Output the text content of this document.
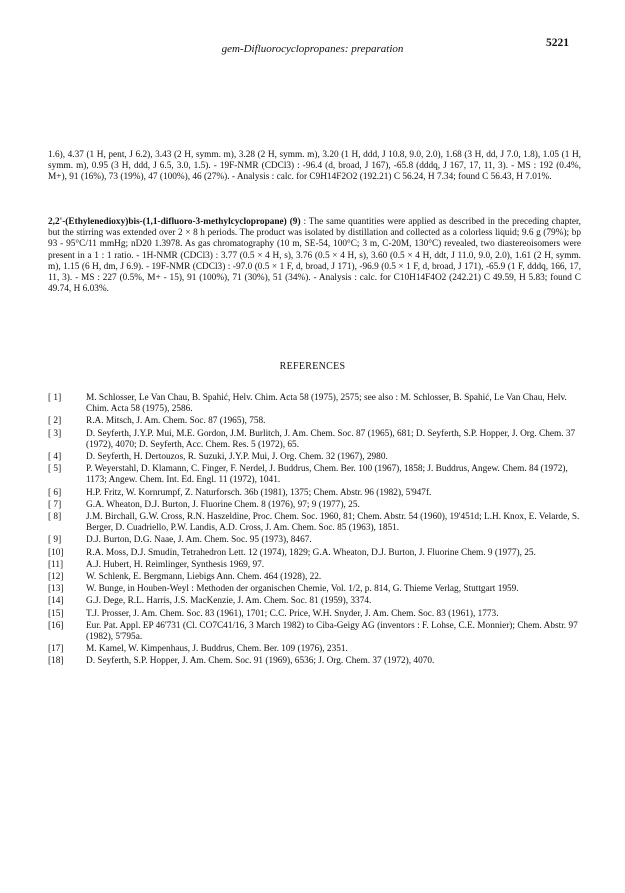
gem-Difluorocyclopropanes: preparation	5221
1.6), 4.37 (1 H, pent, J 6.2), 3.43 (2 H, symm. m), 3.28 (2 H, symm. m), 3.20 (1 H, ddd, J 10.8, 9.0, 2.0), 1.68 (3 H, dd, J 7.0, 1.8), 1.05 (1 H, symm. m), 0.95 (3 H, ddd, J 6.5, 3.0, 1.5). - 19F-NMR (CDCl3) : -96.4 (d, broad, J 167), -65.8 (dddq, J 167, 17, 11, 3). - MS : 192 (0.4%, M+), 91 (16%), 73 (19%), 47 (100%), 46 (27%). - Analysis : calc. for C9H14F2O2 (192.21) C 56.24, H 7.34; found C 56.43, H 7.01%.
2,2'-(Ethylenedioxy)bis-(1,1-difluoro-3-methylcyclopropane) (9) : The same quantities were applied as described in the preceding chapter, but the stirring was extended over 2 × 8 h periods. The product was isolated by distillation and collected as a colorless liquid; 9.6 g (79%); bp 93 - 95°C/11 mmHg; nD20 1.3978. As gas chromatography (10 m, SE-54, 100°C; 3 m, C-20M, 130°C) revealed, two diastereoisomers were present in a 1 : 1 ratio. - 1H-NMR (CDCl3) : 3.77 (0.5 × 4 H, s), 3.76 (0.5 × 4 H, s), 3.60 (0.5 × 4 H, ddt, J 11.0, 9.0, 2.0), 1.61 (2 H, symm. m), 1.15 (6 H, dm, J 6.9). - 19F-NMR (CDCl3) : -97.0 (0.5 × 1 F, d, broad, J 171), -96.9 (0.5 × 1 F, d, broad, J 171), -65.9 (1 F, dddq, 166, 17, 11, 3). - MS : 227 (0.5%, M+ - 15), 91 (100%), 71 (30%), 51 (34%). - Analysis : calc. for C10H14F4O2 (242.21) C 49.59, H 5.83; found C 49.74, H 6.03%.
REFERENCES
[ 1]	M. Schlosser, Le Van Chau, B. Spahić, Helv. Chim. Acta 58 (1975), 2575; see also : M. Schlosser, B. Spahić, Le Van Chau, Helv. Chim. Acta 58 (1975), 2586.
[ 2]	R.A. Mitsch, J. Am. Chem. Soc. 87 (1965), 758.
[ 3]	D. Seyferth, J.Y.P. Mui, M.E. Gordon, J.M. Burlitch, J. Am. Chem. Soc. 87 (1965), 681; D. Seyferth, S.P. Hopper, J. Org. Chem. 37 (1972), 4070; D. Seyferth, Acc. Chem. Res. 5 (1972), 65.
[ 4]	D. Seyferth, H. Dertouzos, R. Suzuki, J.Y.P. Mui, J. Org. Chem. 32 (1967), 2980.
[ 5]	P. Weyerstahl, D. Klamann, C. Finger, F. Nerdel, J. Buddrus, Chem. Ber. 100 (1967), 1858; J. Buddrus, Angew. Chem. 84 (1972), 1173; Angew. Chem. Int. Ed. Engl. 11 (1972), 1041.
[ 6]	H.P. Fritz, W. Kornrumpf, Z. Naturforsch. 36b (1981), 1375; Chem. Abstr. 96 (1982), 5'947f.
[ 7]	G.A. Wheaton, D.J. Burton, J. Fluorine Chem. 8 (1976), 97; 9 (1977), 25.
[ 8]	J.M. Birchall, G.W. Cross, R.N. Haszeldine, Proc. Chem. Soc. 1960, 81; Chem. Abstr. 54 (1960), 19'451d; L.H. Knox, E. Velarde, S. Berger, D. Cuadriello, P.W. Landis, A.D. Cross, J. Am. Chem. Soc. 85 (1963), 1851.
[ 9]	D.J. Burton, D.G. Naae, J. Am. Chem. Soc. 95 (1973), 8467.
[10]	R.A. Moss, D.J. Smudin, Tetrahedron Lett. 12 (1974), 1829; G.A. Wheaton, D.J. Burton, J. Fluorine Chem. 9 (1977), 25.
[11]	A.J. Hubert, H. Reimlinger, Synthesis 1969, 97.
[12]	W. Schlenk, E. Bergmann, Liebigs Ann. Chem. 464 (1928), 22.
[13]	W. Bunge, in Houben-Weyl : Methoden der organischen Chemie, Vol. 1/2, p. 814, G. Thieme Verlag, Stuttgart 1959.
[14]	G.J. Dege, R.L. Harris, J.S. MacKenzie, J. Am. Chem. Soc. 81 (1959), 3374.
[15]	T.J. Prosser, J. Am. Chem. Soc. 83 (1961), 1701; C.C. Price, W.H. Snyder, J. Am. Chem. Soc. 83 (1961), 1773.
[16]	Eur. Pat. Appl. EP 46'731 (Cl. CO7C41/16, 3 March 1982) to Ciba-Geigy AG (inventors : F. Lohse, C.E. Monnier); Chem. Abstr. 97 (1982), 5'795a.
[17]	M. Kamel, W. Kimpenhaus, J. Buddrus, Chem. Ber. 109 (1976), 2351.
[18]	D. Seyferth, S.P. Hopper, J. Am. Chem. Soc. 91 (1969), 6536; J. Org. Chem. 37 (1972), 4070.
